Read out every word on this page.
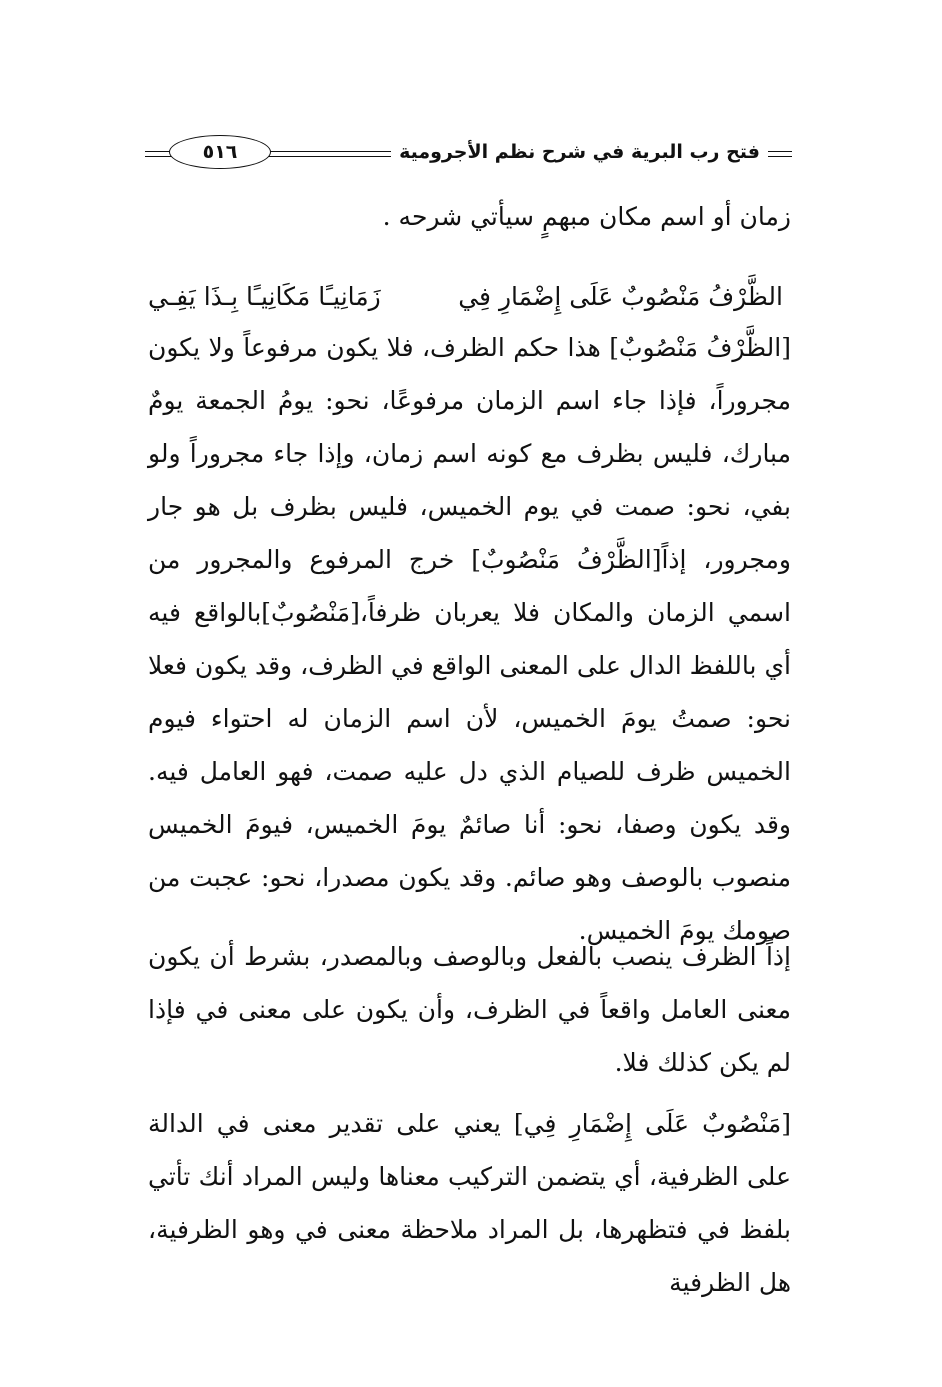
فتح رب البرية في شرح نظم الأجرومية
٥١٦

زمان أو اسم مكان مبهمٍ سيأتي شرحه .

الظَّرْفُ مَنْصُوبٌ عَلَى إِضْمَارِ فِي
زَمَانِيـًا مَكَانِيـًا بِـذَا يَفِـي

[الظَّرْفُ مَنْصُوبٌ] هذا حكم الظرف، فلا يكون مرفوعاً ولا يكون مجروراً، فإذا جاء اسم الزمان مرفوعًا، نحو: يومُ الجمعة يومٌ مبارك، فليس بظرف مع كونه اسم زمان، وإذا جاء مجروراً ولو بفي، نحو: صمت في يوم الخميس، فليس بظرف بل هو جار ومجرور، إذاً[الظَّرْفُ مَنْصُوبٌ] خرج المرفوع والمجرور من اسمي الزمان والمكان فلا يعربان ظرفاً،[مَنْصُوبٌ]بالواقع فيه أي باللفظ الدال على المعنى الواقع في الظرف، وقد يكون فعلا نحو: صمتُ يومَ الخميس، لأن اسم الزمان له احتواء فيوم الخميس ظرف للصيام الذي دل عليه صمت، فهو العامل فيه. وقد يكون وصفا، نحو: أنا صائمٌ يومَ الخميس، فيومَ الخميس منصوب بالوصف وهو صائم. وقد يكون مصدرا، نحو: عجبت من صومك يومَ الخميس.

إذاً الظرف ينصب بالفعل وبالوصف وبالمصدر، بشرط أن يكون معنى العامل واقعاً في الظرف، وأن يكون على معنى في فإذا لم يكن كذلك فلا.

[مَنْصُوبٌ عَلَى إِضْمَارِ فِي] يعني على تقدير معنى في الدالة على الظرفية، أي يتضمن التركيب معناها وليس المراد أنك تأتي بلفظ في فتظهرها، بل المراد ملاحظة معنى في وهو الظرفية، هل الظرفية
